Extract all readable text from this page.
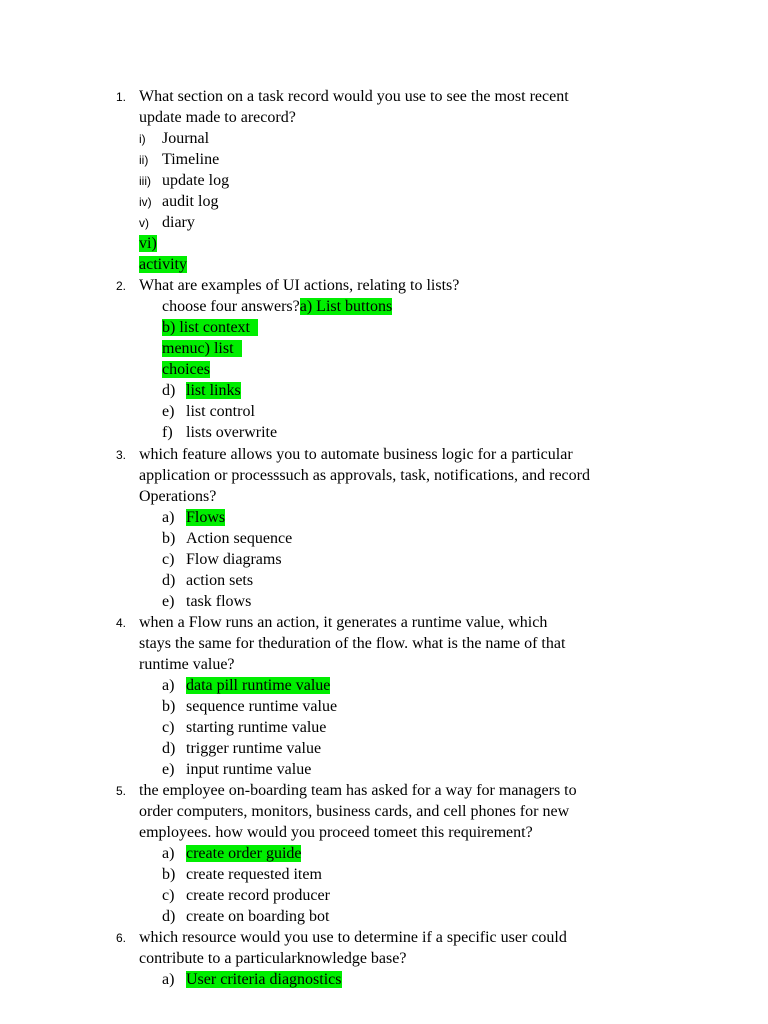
1. What section on a task record would you use to see the most recent
update made to arecord?
i) Journal
ii) Timeline
iii) update log
iv) audit log
v) diary
vi) 
activity
2. What are examples of UI actions, relating to lists?
choose four answers?a) List buttons
b) list context 
menuc) list 
choices
d) list links
e) list control
f) lists overwrite
3. which feature allows you to automate business logic for a particular
application or processsuch as approvals, task, notifications, and record
Operations?
a) Flows
b) Action sequence
c) Flow diagrams
d) action sets
e) task flows
4. when a Flow runs an action, it generates a runtime value, which
stays the same for theduration of the flow. what is the name of that
runtime value?
a) data pill runtime value
b) sequence runtime value
c) starting runtime value
d) trigger runtime value
e) input runtime value
5. the employee on-boarding team has asked for a way for managers to
order computers, monitors, business cards, and cell phones for new
employees. how would you proceed tomeet this requirement?
a) create order guide
b) create requested item
c) create record producer
d) create on boarding bot
6. which resource would you use to determine if a specific user could
contribute to a particularknowledge base?
a) User criteria diagnostics
